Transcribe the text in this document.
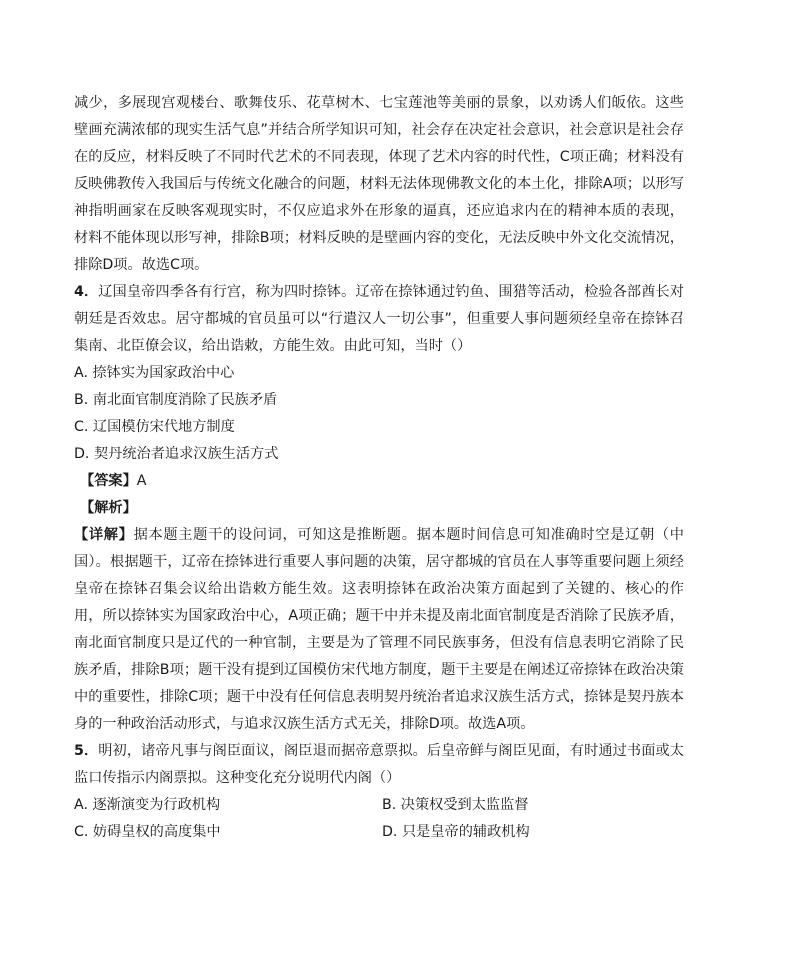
减少，多展现宫观楼台、歌舞伎乐、花草树木、七宝莲池等美丽的景象，以劝诱人们皈依。这些壁画充满浓郁的现实生活气息”并结合所学知识可知，社会存在决定社会意识，社会意识是社会存在的反应，材料反映了不同时代艺术的不同表现，体现了艺术内容的时代性，C项正确；材料没有反映佛教传入我国后与传统文化融合的问题，材料无法体现佛教文化的本土化，排除A项；以形写神指明画家在反映客观现实时，不仅应追求外在形象的逼真，还应追求内在的精神本质的表现，材料不能体现以形写神，排除B项；材料反映的是壁画内容的变化，无法反映中外文化交流情况，排除D项。故选C项。

4．辽国皇帝四季各有行宫，称为四时捺钵。辽帝在捺钵通过钓鱼、围猎等活动，检验各部酋长对朝廷是否效忠。居守都城的官员虽可以“行遣汉人一切公事”，但重要人事问题须经皇帝在捺钵召集南、北臣僚会议，给出诰敕，方能生效。由此可知，当时（）

A. 捺钵实为国家政治中心

B. 南北面官制度消除了民族矛盾

C. 辽国模仿宋代地方制度

D. 契丹统治者追求汉族生活方式

【答案】A

【解析】

【详解】据本题主题干的设问词，可知这是推断题。据本题时间信息可知准确时空是辽朝（中国）。根据题干，辽帝在捺钵进行重要人事问题的决策，居守都城的官员在人事等重要问题上须经皇帝在捺钵召集会议给出诰敕方能生效。这表明捺钵在政治决策方面起到了关键的、核心的作用，所以捺钵实为国家政治中心，A项正确；题干中并未提及南北面官制度是否消除了民族矛盾，南北面官制度只是辽代的一种官制，主要是为了管理不同民族事务，但没有信息表明它消除了民族矛盾，排除B项；题干没有提到辽国模仿宋代地方制度，题干主要是在阐述辽帝捺钵在政治决策中的重要性，排除C项；题干中没有任何信息表明契丹统治者追求汉族生活方式，捺钵是契丹族本身的一种政治活动形式，与追求汉族生活方式无关，排除D项。故选A项。

5．明初，诸帝凡事与阁臣面议，阁臣退而据帝意票拟。后皇帝鲜与阁臣见面，有时通过书面或太监口传指示内阁票拟。这种变化充分说明代内阁（）

A. 逐渐演变为行政机构	B. 决策权受到太监监督
C. 妨碍皇权的高度集中	D. 只是皇帝的辅政机构
